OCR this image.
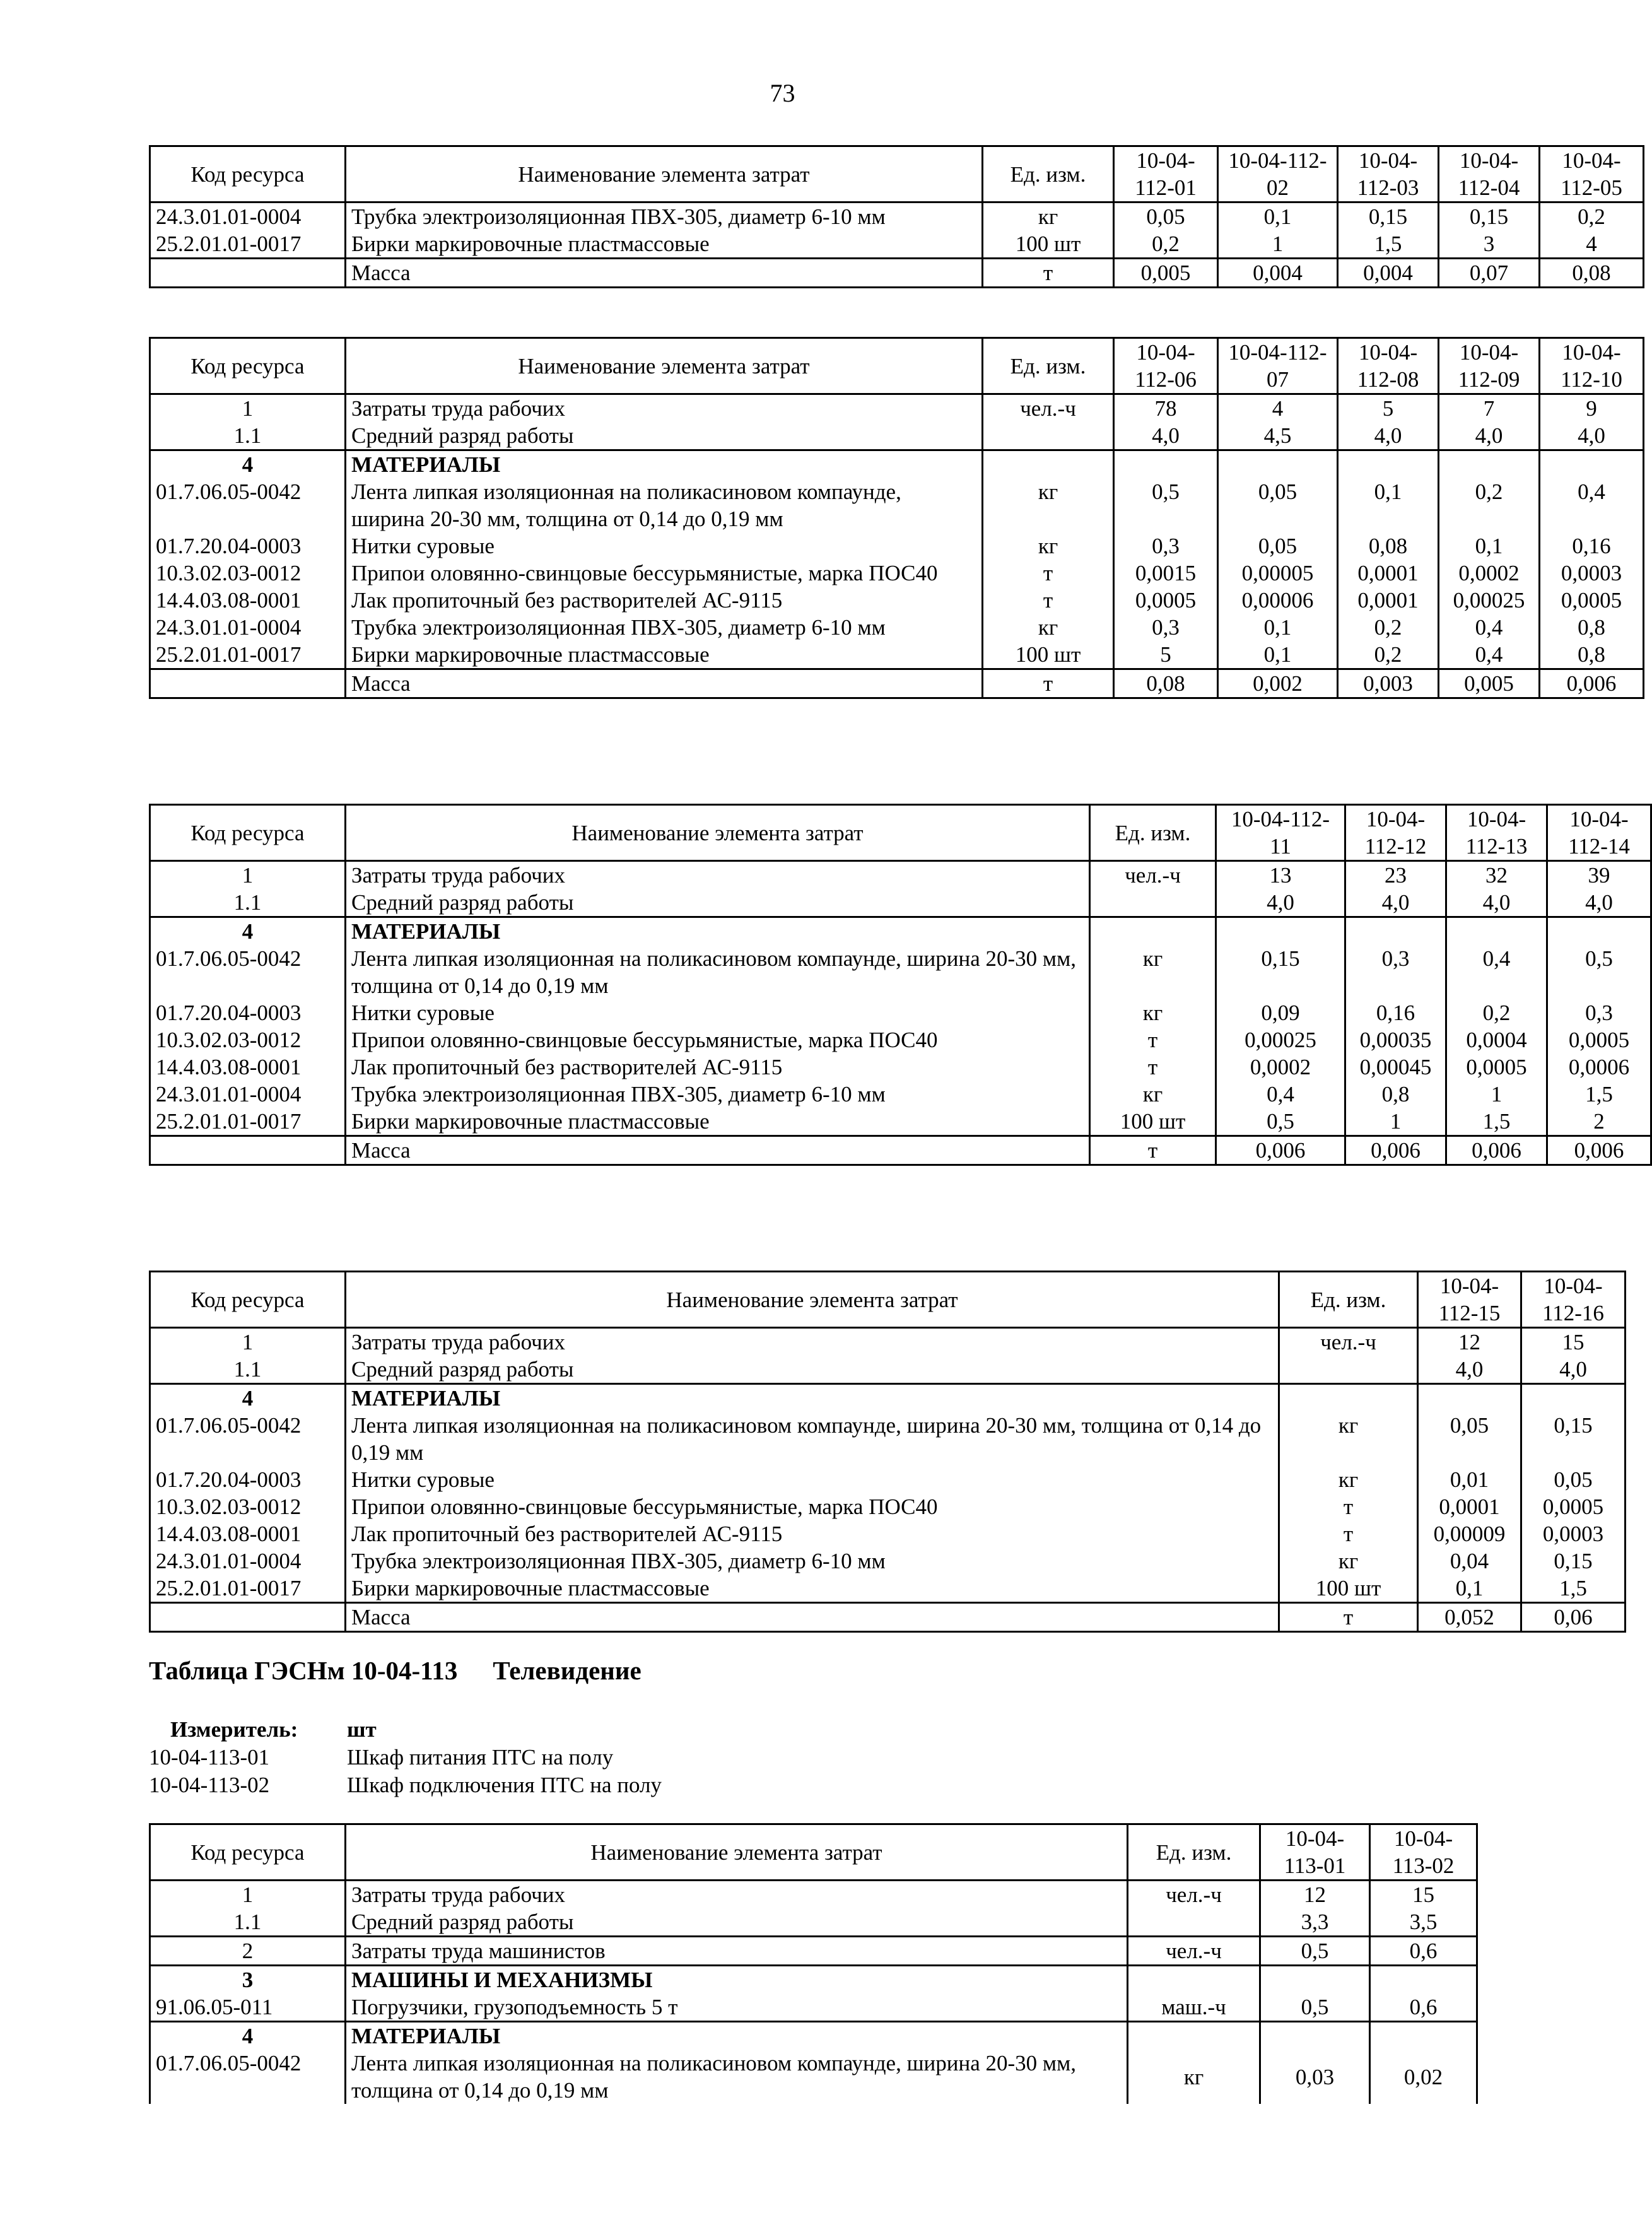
73
Код ресурса	Наименование элемента затрат	Ед. изм.	10-04-112-01	10-04-112-02	10-04-112-03	10-04-112-04	10-04-112-05
24.3.01.01-0004	Трубка электроизоляционная ПВХ-305, диаметр 6-10 мм	кг	0,05	0,1	0,15	0,15	0,2
25.2.01.01-0017	Бирки маркировочные пластмассовые	100 шт	0,2	1	1,5	3	4
	Масса	т	0,005	0,004	0,004	0,07	0,08
Код ресурса	Наименование элемента затрат	Ед. изм.	10-04-112-06	10-04-112-07	10-04-112-08	10-04-112-09	10-04-112-10
1	Затраты труда рабочих	чел.-ч	78	4	5	7	9
1.1	Средний разряд работы		4,0	4,5	4,0	4,0	4,0
4	МАТЕРИАЛЫ						
01.7.06.05-0042	Лента липкая изоляционная на поликасиновом компаунде, ширина 20-30 мм, толщина от 0,14 до 0,19 мм	кг	0,5	0,05	0,1	0,2	0,4
01.7.20.04-0003	Нитки суровые	кг	0,3	0,05	0,08	0,1	0,16
10.3.02.03-0012	Припои оловянно-свинцовые бессурьмянистые, марка ПОС40	т	0,0015	0,00005	0,0001	0,0002	0,0003
14.4.03.08-0001	Лак пропиточный без растворителей АС-9115	т	0,0005	0,00006	0,0001	0,00025	0,0005
24.3.01.01-0004	Трубка электроизоляционная ПВХ-305, диаметр 6-10 мм	кг	0,3	0,1	0,2	0,4	0,8
25.2.01.01-0017	Бирки маркировочные пластмассовые	100 шт	5	0,1	0,2	0,4	0,8
	Масса	т	0,08	0,002	0,003	0,005	0,006
Код ресурса	Наименование элемента затрат	Ед. изм.	10-04-112-11	10-04-112-12	10-04-112-13	10-04-112-14
1	Затраты труда рабочих	чел.-ч	13	23	32	39
1.1	Средний разряд работы		4,0	4,0	4,0	4,0
4	МАТЕРИАЛЫ					
01.7.06.05-0042	Лента липкая изоляционная на поликасиновом компаунде, ширина 20-30 мм, толщина от 0,14 до 0,19 мм	кг	0,15	0,3	0,4	0,5
01.7.20.04-0003	Нитки суровые	кг	0,09	0,16	0,2	0,3
10.3.02.03-0012	Припои оловянно-свинцовые бессурьмянистые, марка ПОС40	т	0,00025	0,00035	0,0004	0,0005
14.4.03.08-0001	Лак пропиточный без растворителей АС-9115	т	0,0002	0,00045	0,0005	0,0006
24.3.01.01-0004	Трубка электроизоляционная ПВХ-305, диаметр 6-10 мм	кг	0,4	0,8	1	1,5
25.2.01.01-0017	Бирки маркировочные пластмассовые	100 шт	0,5	1	1,5	2
	Масса	т	0,006	0,006	0,006	0,006
Код ресурса	Наименование элемента затрат	Ед. изм.	10-04-112-15	10-04-112-16
1	Затраты труда рабочих	чел.-ч	12	15
1.1	Средний разряд работы		4,0	4,0
4	МАТЕРИАЛЫ			
01.7.06.05-0042	Лента липкая изоляционная на поликасиновом компаунде, ширина 20-30 мм, толщина от 0,14 до 0,19 мм	кг	0,05	0,15
01.7.20.04-0003	Нитки суровые	кг	0,01	0,05
10.3.02.03-0012	Припои оловянно-свинцовые бессурьмянистые, марка ПОС40	т	0,0001	0,0005
14.4.03.08-0001	Лак пропиточный без растворителей АС-9115	т	0,00009	0,0003
24.3.01.01-0004	Трубка электроизоляционная ПВХ-305, диаметр 6-10 мм	кг	0,04	0,15
25.2.01.01-0017	Бирки маркировочные пластмассовые	100 шт	0,1	1,5
	Масса	т	0,052	0,06
Таблица ГЭСНм 10-04-113 Телевидение
Измеритель:	шт
10-04-113-01	Шкаф питания ПТС на полу
10-04-113-02	Шкаф подключения ПТС на полу
Код ресурса	Наименование элемента затрат	Ед. изм.	10-04-113-01	10-04-113-02
1	Затраты труда рабочих	чел.-ч	12	15
1.1	Средний разряд работы		3,3	3,5
2	Затраты труда машинистов	чел.-ч	0,5	0,6
3	МАШИНЫ И МЕХАНИЗМЫ			
91.06.05-011	Погрузчики, грузоподъемность 5 т	маш.-ч	0,5	0,6
4	МАТЕРИАЛЫ			
01.7.06.05-0042	Лента липкая изоляционная на поликасиновом компаунде, ширина 20-30 мм, толщина от 0,14 до 0,19 мм	кг	0,03	0,02
